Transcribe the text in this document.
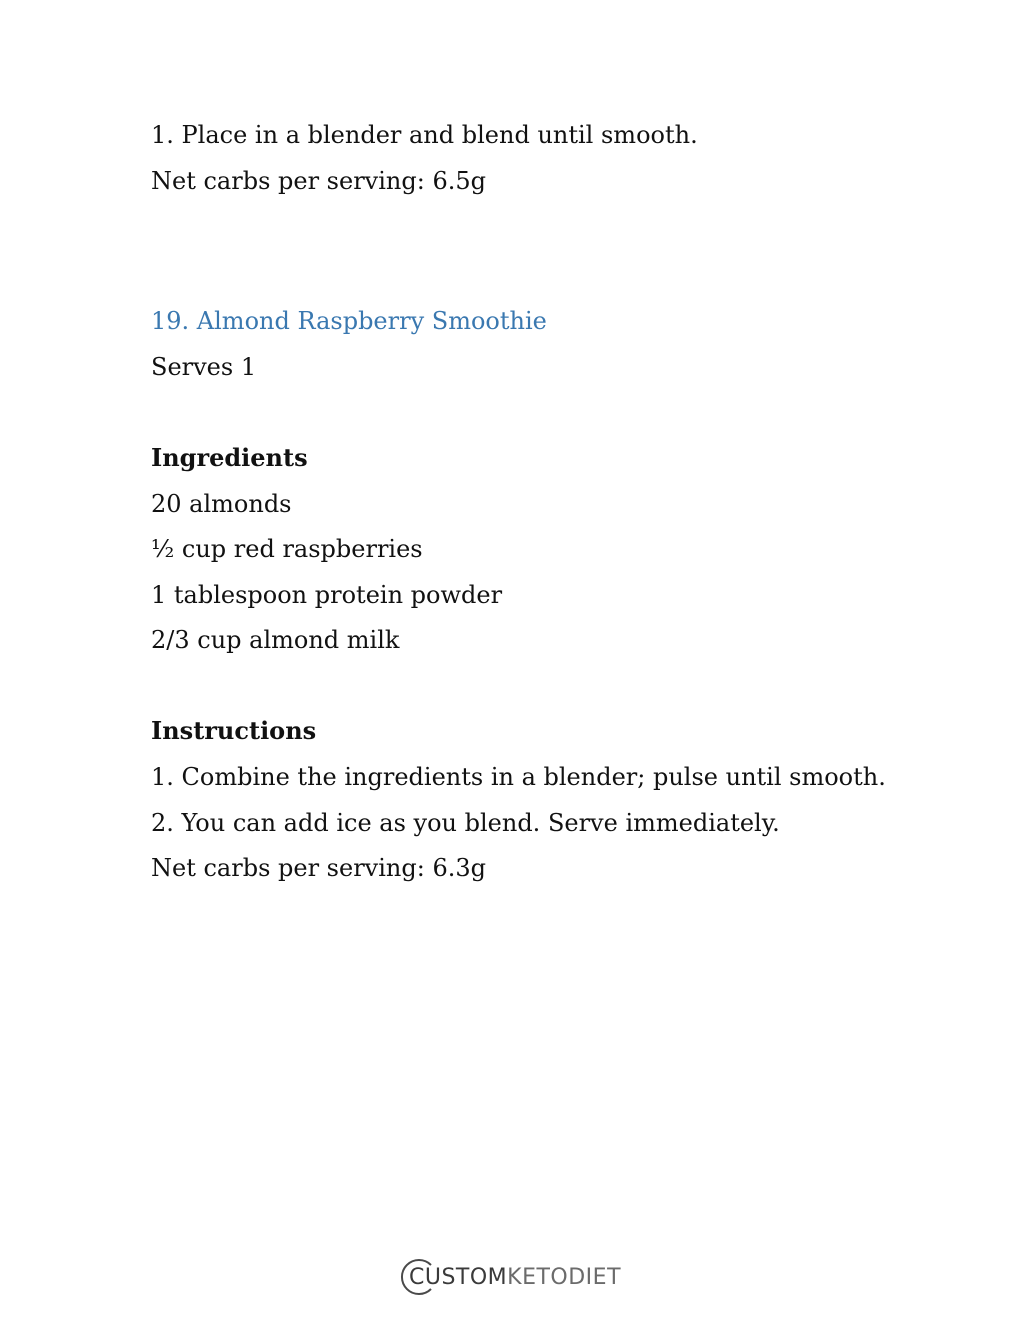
1. Place in a blender and blend until smooth.
Net carbs per serving: 6.5g
19. Almond Raspberry Smoothie
Serves 1
Ingredients
20 almonds
½ cup red raspberries
1 tablespoon protein powder
2/3 cup almond milk
Instructions
1. Combine the ingredients in a blender; pulse until smooth.
2. You can add ice as you blend. Serve immediately.
Net carbs per serving: 6.3g
CUSTOM KETODIET
